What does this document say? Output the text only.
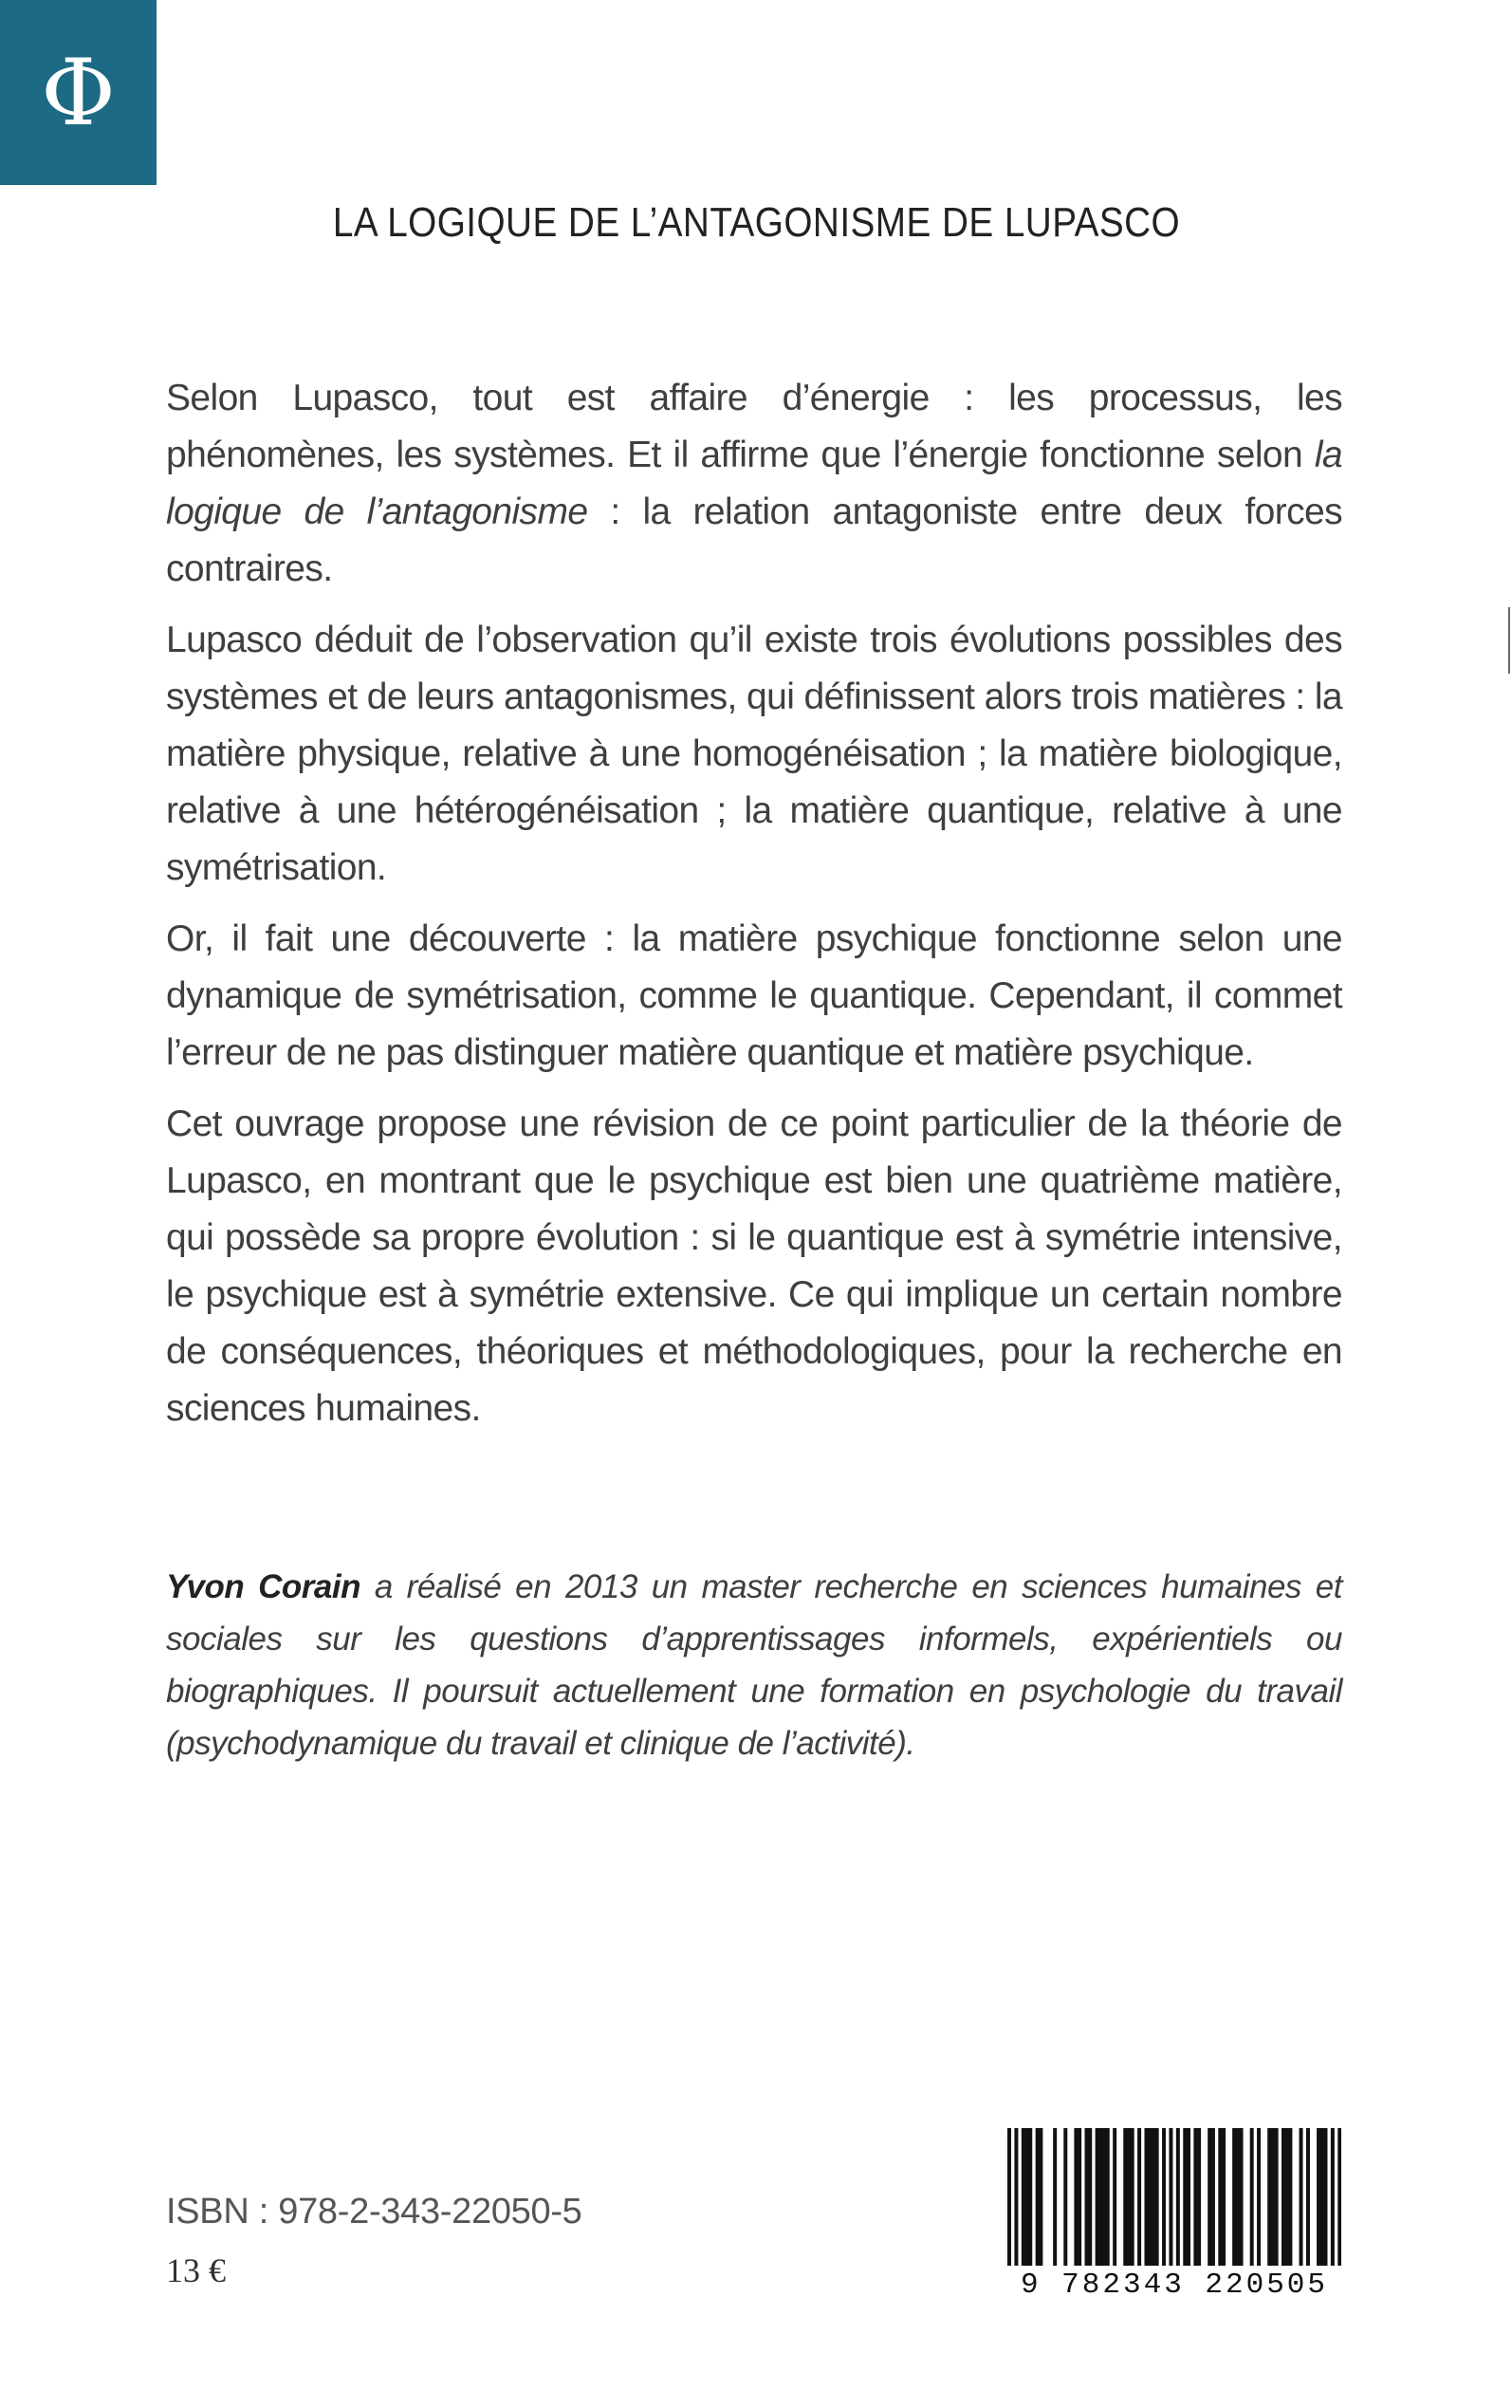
Φ
LA LOGIQUE DE L’ANTAGONISME DE LUPASCO

Selon Lupasco, tout est affaire d’énergie : les processus, les phénomènes, les systèmes. Et il affirme que l’énergie fonctionne selon la logique de l’antagonisme : la relation antagoniste entre deux forces contraires.

Lupasco déduit de l’observation qu’il existe trois évolutions possibles des systèmes et de leurs antagonismes, qui définissent alors trois matières : la matière physique, relative à une homogénéisation ; la matière biologique, relative à une hétérogénéisation ; la matière quantique, relative à une symétrisation.

Or, il fait une découverte : la matière psychique fonctionne selon une dynamique de symétrisation, comme le quantique. Cependant, il commet l’erreur de ne pas distinguer matière quantique et matière psychique.

Cet ouvrage propose une révision de ce point particulier de la théorie de Lupasco, en montrant que le psychique est bien une quatrième matière, qui possède sa propre évolution : si le quantique est à symétrie intensive, le psychique est à symétrie extensive. Ce qui implique un certain nombre de conséquences, théoriques et méthodologiques, pour la recherche en sciences humaines.

Yvon Corain a réalisé en 2013 un master recherche en sciences humaines et sociales sur les questions d’apprentissages informels, expérientiels ou biographiques. Il poursuit actuellement une formation en psychologie du travail (psychodynamique du travail et clinique de l’activité).

ISBN : 978-2-343-22050-5

13 €	9 782343 220505
